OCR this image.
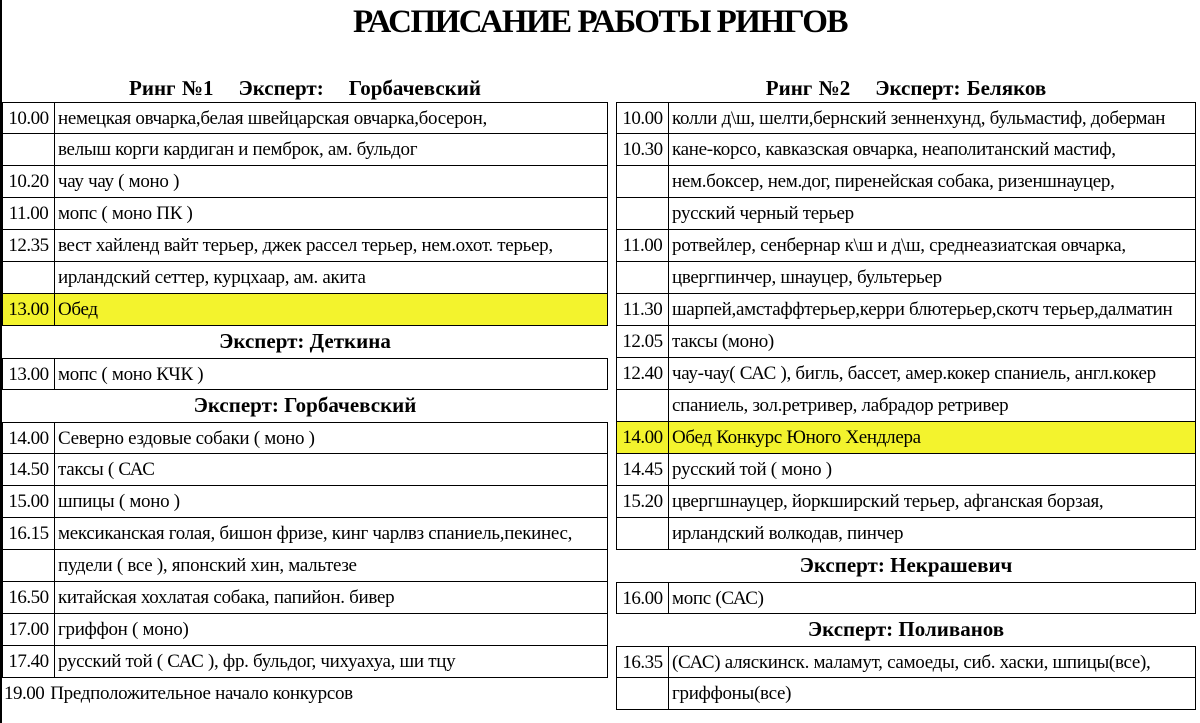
РАСПИСАНИЕ РАБОТЫ РИНГОВ
Ринг №1    Эксперт:    Горбачевский	Ринг №2    Эксперт: Беляков
10.00 немецкая овчарка,белая швейцарская овчарка,босерон,
велыш корги кардиган и пемброк, ам. бульдог
10.20 чау чау ( моно )
11.00 мопс ( моно ПК )
12.35 вест хайленд вайт терьер, джек рассел терьер, нем.охот. терьер,
ирландский сеттер, курцхаар, ам. акита
13.00 Обед
Эксперт: Деткина
13.00 мопс ( моно КЧК )
Эксперт: Горбачевский
14.00 Северно ездовые собаки ( моно )
14.50 таксы ( САС
15.00 шпицы ( моно )
16.15 мексиканская голая, бишон фризе, кинг чарлвз спаниель,пекинес,
пудели ( все ), японский хин, мальтезе
16.50 китайская хохлатая собака, папийон. бивер
17.00 гриффон ( моно)
17.40 русский той ( САС ), фр. бульдог, чихуахуа, ши тцу
19.00 Предположительное начало конкурсов
10.00 колли д\ш, шелти,бернский зенненхунд, бульмастиф, доберман
10.30 кане-корсо, кавказская овчарка, неаполитанский мастиф,
нем.боксер, нем.дог, пиренейская собака, ризеншнауцер,
русский черный терьер
11.00 ротвейлер, сенбернар к\ш и д\ш, среднеазиатская овчарка,
цвергпинчер, шнауцер, бультерьер
11.30 шарпей,амстаффтерьер,керри блютерьер,скотч терьер,далматин
12.05 таксы (моно)
12.40 чау-чау( САС ), бигль, бассет, амер.кокер спаниель, англ.кокер
спаниель, зол.ретривер, лабрадор ретривер
14.00 Обед Конкурс Юного Хендлера
14.45 русский той ( моно )
15.20 цвергшнауцер, йоркширский терьер, афганская борзая,
ирландский волкодав, пинчер
Эксперт: Некрашевич
16.00 мопс (САС)
Эксперт: Поливанов
16.35 (САС) аляскинск. маламут, самоеды, сиб. хаски, шпицы(все),
гриффоны(все)
